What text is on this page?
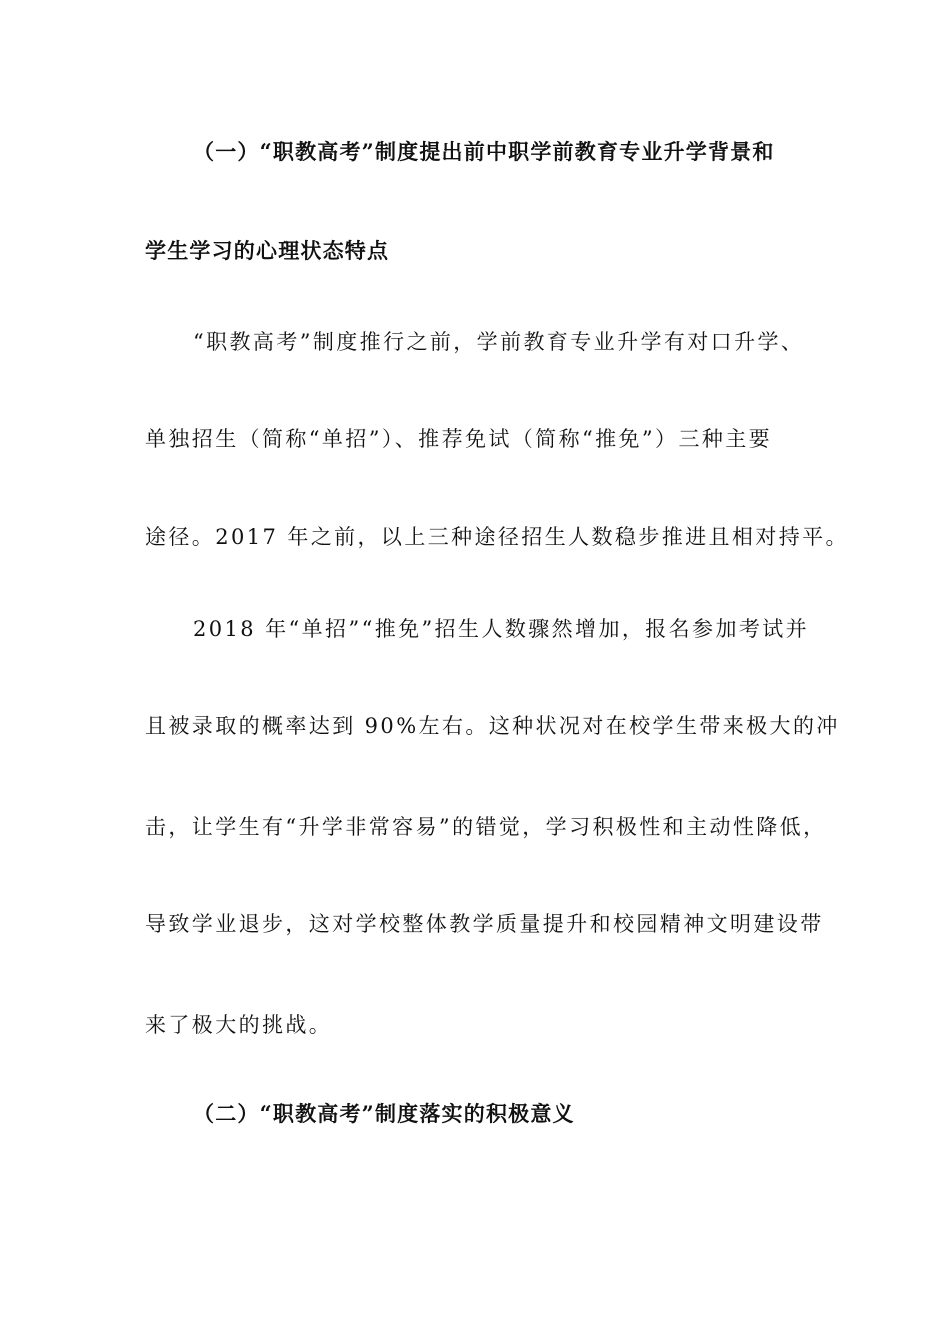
（一）“职教高考”制度提出前中职学前教育专业升学背景和
学生学习的心理状态特点
“职教高考”制度推行之前，学前教育专业升学有对口升学、
单独招生（简称“单招”）、推荐免试（简称“推免”）三种主要
途径。2017 年之前，以上三种途径招生人数稳步推进且相对持平。
2018 年“单招”“推免”招生人数骤然增加，报名参加考试并
且被录取的概率达到 90%左右。这种状况对在校学生带来极大的冲
击，让学生有“升学非常容易”的错觉，学习积极性和主动性降低，
导致学业退步，这对学校整体教学质量提升和校园精神文明建设带
来了极大的挑战。
（二）“职教高考”制度落实的积极意义
